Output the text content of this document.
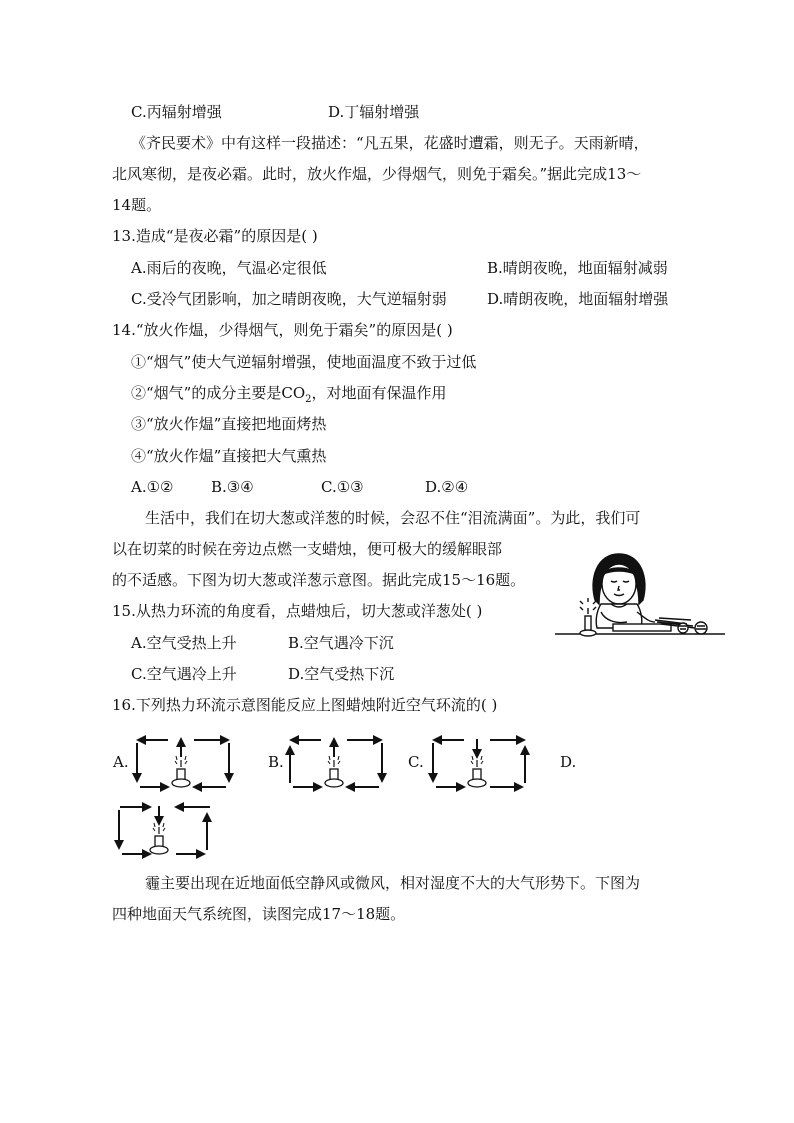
C.丙辐射增强	D.丁辐射增强
《齐民要术》中有这样一段描述：“凡五果，花盛时遭霜，则无子。天雨新晴，
北风寒彻，是夜必霜。此时，放火作煴，少得烟气，则免于霜矣。”据此完成13～
14题。
13.造成“是夜必霜”的原因是( )
A.雨后的夜晚，气温必定很低	B.晴朗夜晚，地面辐射减弱
C.受冷气团影响，加之晴朗夜晚，大气逆辐射弱	D.晴朗夜晚，地面辐射增强
14.“放火作煴，少得烟气，则免于霜矣”的原因是( )
①“烟气”使大气逆辐射增强，使地面温度不致于过低
②“烟气”的成分主要是$CO_2$，对地面有保温作用
③“放火作煴”直接把地面烤热
④“放火作煴”直接把大气熏热
A.①②	B.③④	C.①③	D.②④
生活中，我们在切大葱或洋葱的时候，会忍不住“泪流满面”。为此，我们可
以在切菜的时候在旁边点燃一支蜡烛，便可极大的缓解眼部
的不适感。下图为切大葱或洋葱示意图。据此完成15～16题。
15.从热力环流的角度看，点蜡烛后，切大葱或洋葱处( )
A.空气受热上升	B.空气遇冷下沉
C.空气遇冷上升	D.空气受热下沉
16.下列热力环流示意图能反应上图蜡烛附近空气环流的( )
A.	B.	C.	D.
霾主要出现在近地面低空静风或微风，相对湿度不大的大气形势下。下图为
四种地面天气系统图，读图完成17～18题。
